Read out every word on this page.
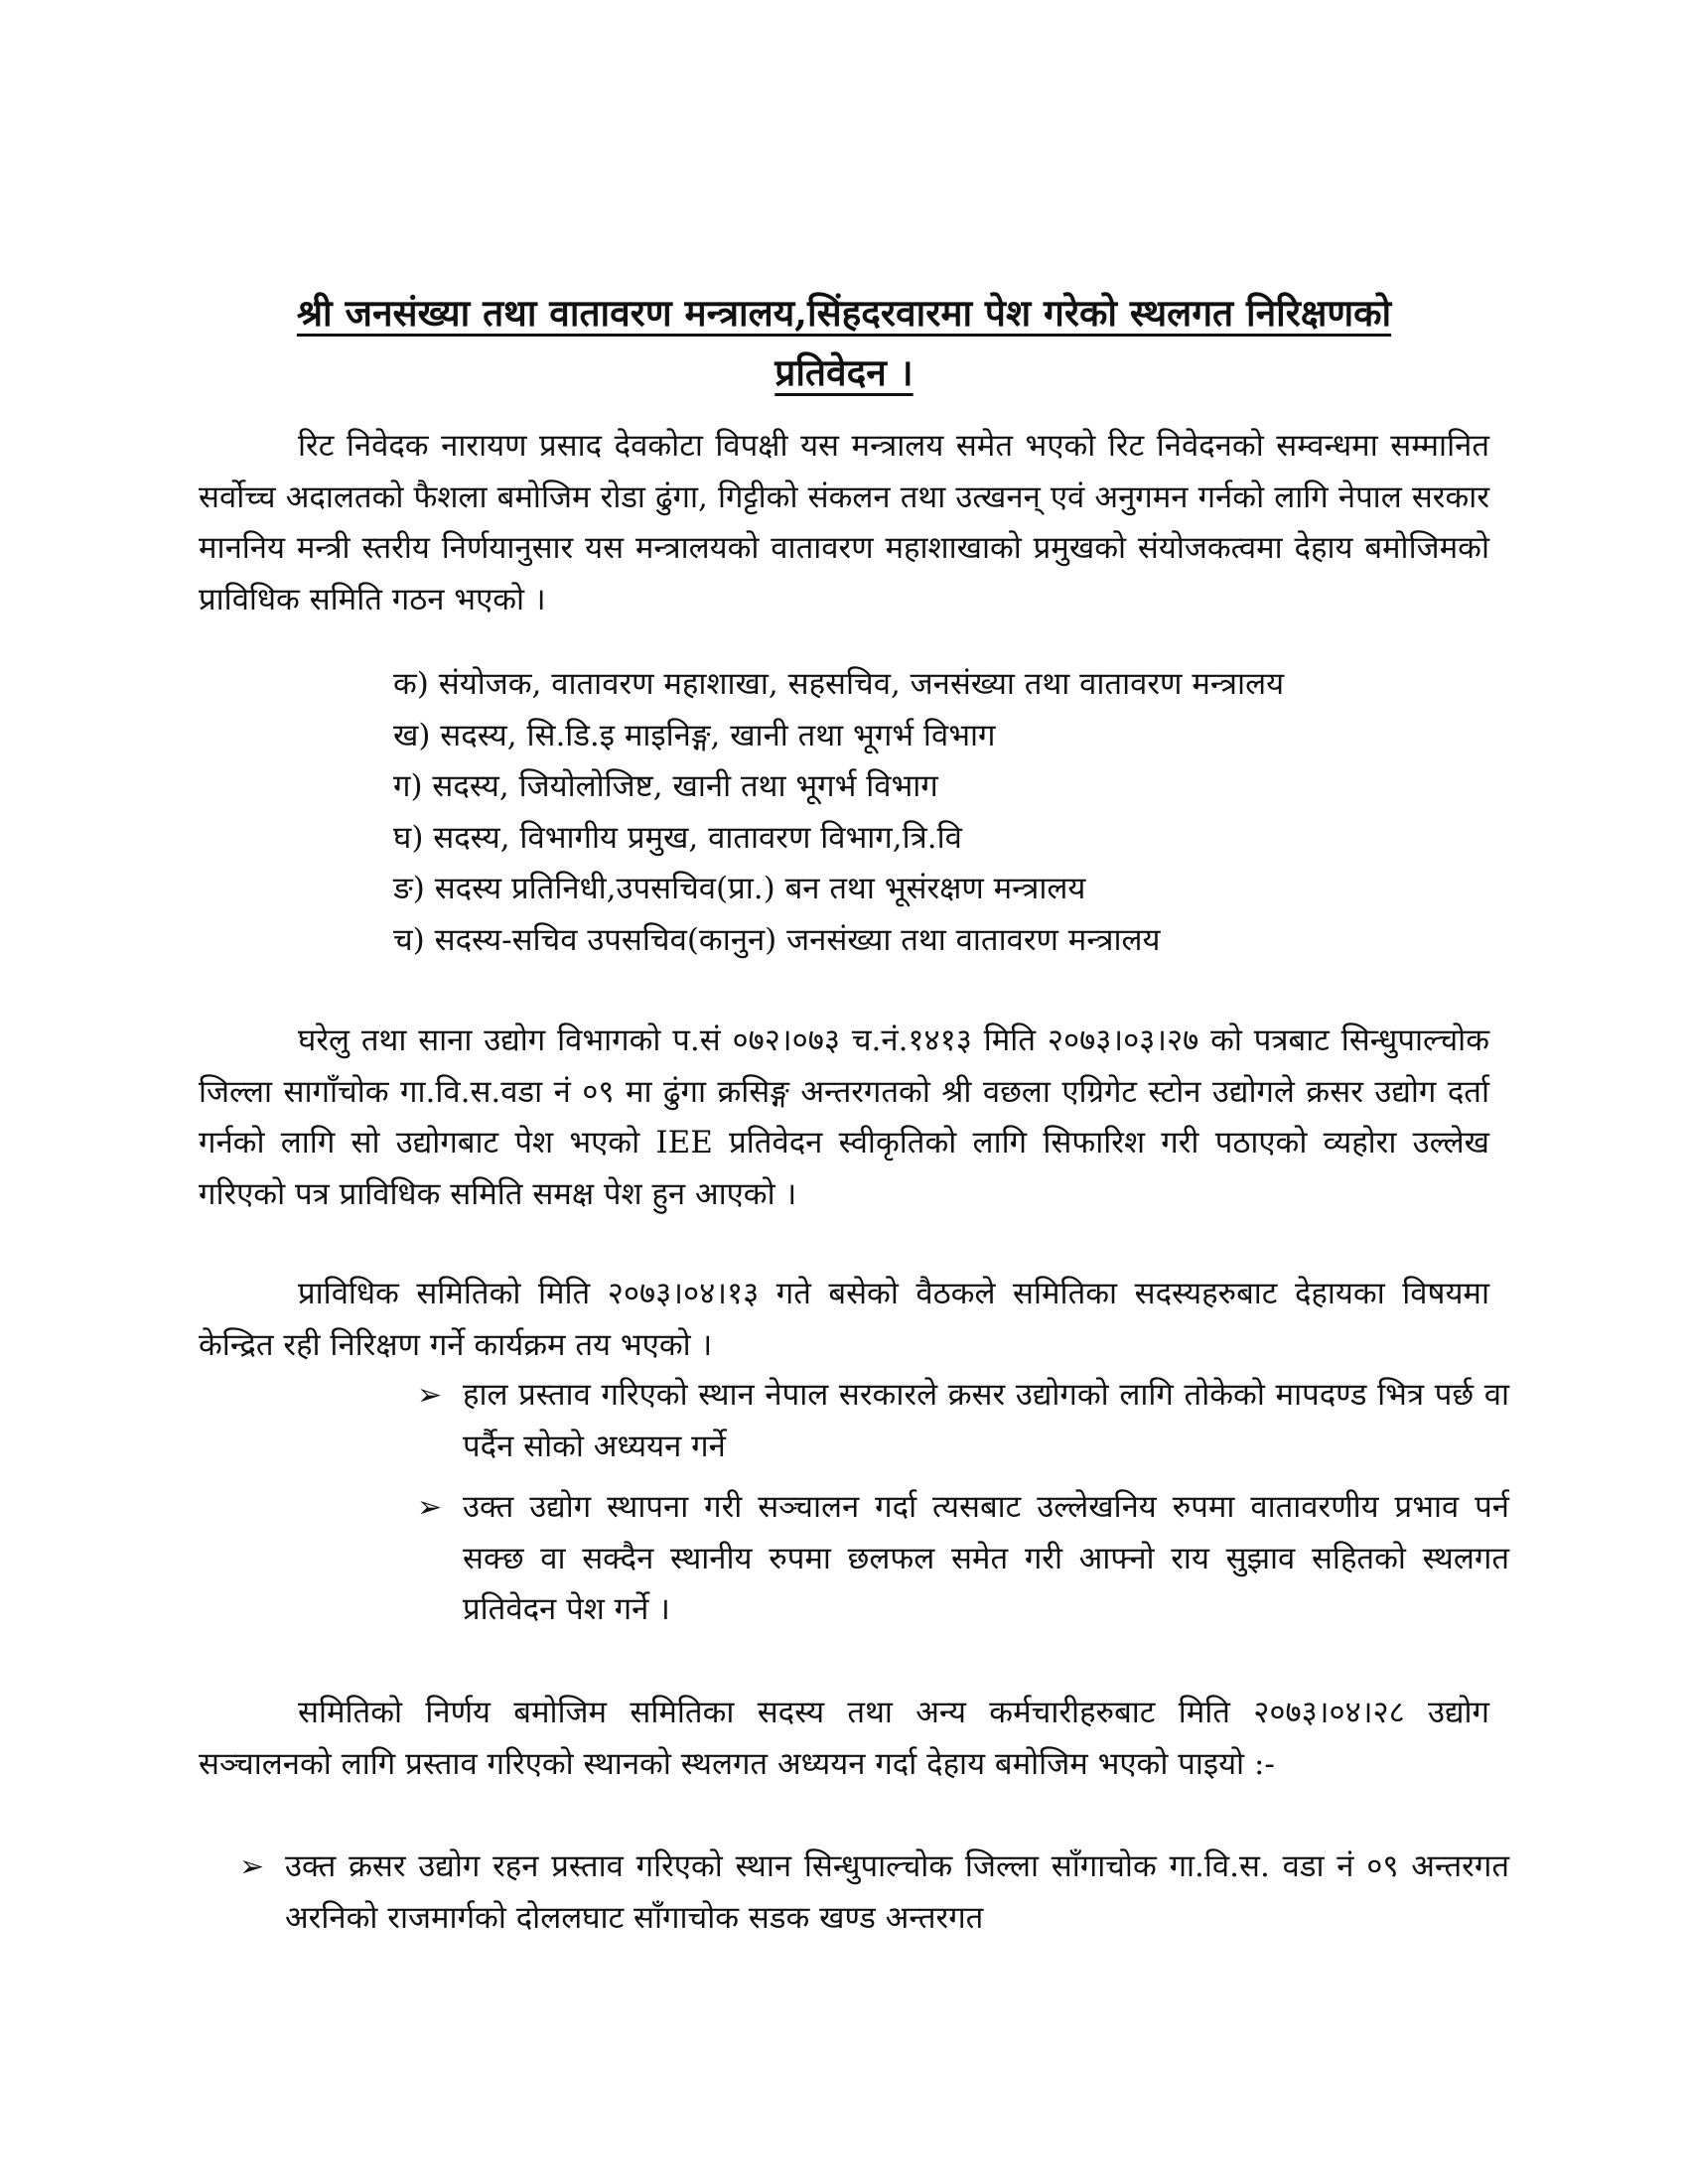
श्री जनसंख्या तथा वातावरण मन्त्रालय,सिंहदरवारमा पेश गरेको स्थलगत निरिक्षणको
प्रतिवेदन ।

रिट निवेदक नारायण प्रसाद देवकोटा विपक्षी यस मन्त्रालय समेत भएको रिट निवेदनको सम्वन्धमा सम्मानित सर्वोच्च अदालतको फैशला बमोजिम रोडा ढुंगा, गिट्टीको संकलन तथा उत्खनन् एवं अनुगमन गर्नको लागि नेपाल सरकार माननिय मन्त्री स्तरीय निर्णयानुसार यस मन्त्रालयको वातावरण महाशाखाको प्रमुखको संयोजकत्वमा देहाय बमोजिमको प्राविधिक समिति गठन भएको ।

क) संयोजक, वातावरण महाशाखा, सहसचिव, जनसंख्या तथा वातावरण मन्त्रालय
ख) सदस्य, सि.डि.इ माइनिङ्ग, खानी तथा भूगर्भ विभाग
ग) सदस्य, जियोलोजिष्ट, खानी तथा भूगर्भ विभाग
घ) सदस्य, विभागीय प्रमुख, वातावरण विभाग,त्रि.वि
ङ) सदस्य प्रतिनिधी,उपसचिव(प्रा.) बन तथा भूसंरक्षण मन्त्रालय
च) सदस्य-सचिव उपसचिव(कानुन) जनसंख्या तथा वातावरण मन्त्रालय

घरेलु तथा साना उद्योग विभागको प.सं ०७२।०७३ च.नं.१४१३ मिति २०७३।०३।२७ को पत्रबाट सिन्धुपाल्चोक जिल्ला सागाँचोक गा.वि.स.वडा नं ०९ मा ढुंगा क्रसिङ्ग अन्तरगतको श्री वछला एग्रिगेट स्टोन उद्योगले क्रसर उद्योग दर्ता गर्नको लागि सो उद्योगबाट पेश भएको IEE प्रतिवेदन स्वीकृतिको लागि सिफारिश गरी पठाएको व्यहोरा उल्लेख गरिएको पत्र प्राविधिक समिति समक्ष पेश हुन आएको ।

प्राविधिक समितिको मिति २०७३।०४।१३ गते बसेको वैठकले समितिका सदस्यहरुबाट देहायका विषयमा केन्द्रित रही निरिक्षण गर्ने कार्यक्रम तय भएको ।

➢ हाल प्रस्ताव गरिएको स्थान नेपाल सरकारले क्रसर उद्योगको लागि तोकेको मापदण्ड भित्र पर्छ वा पर्दैन सोको अध्ययन गर्ने
➢ उक्त उद्योग स्थापना गरी सञ्चालन गर्दा त्यसबाट उल्लेखनिय रुपमा वातावरणीय प्रभाव पर्न सक्छ वा सक्दैन स्थानीय रुपमा छलफल समेत गरी आफ्नो राय सुझाव सहितको स्थलगत प्रतिवेदन पेश गर्ने ।

समितिको निर्णय बमोजिम समितिका सदस्य तथा अन्य कर्मचारीहरुबाट मिति २०७३।०४।२८ उद्योग सञ्चालनको लागि प्रस्ताव गरिएको स्थानको स्थलगत अध्ययन गर्दा देहाय बमोजिम भएको पाइयो :-

➢ उक्त क्रसर उद्योग रहन प्रस्ताव गरिएको स्थान सिन्धुपाल्चोक जिल्ला साँगाचोक गा.वि.स. वडा नं ०९ अन्तरगत अरनिको राजमार्गको दोललघाट साँगाचोक सडक खण्ड अन्तरगत
